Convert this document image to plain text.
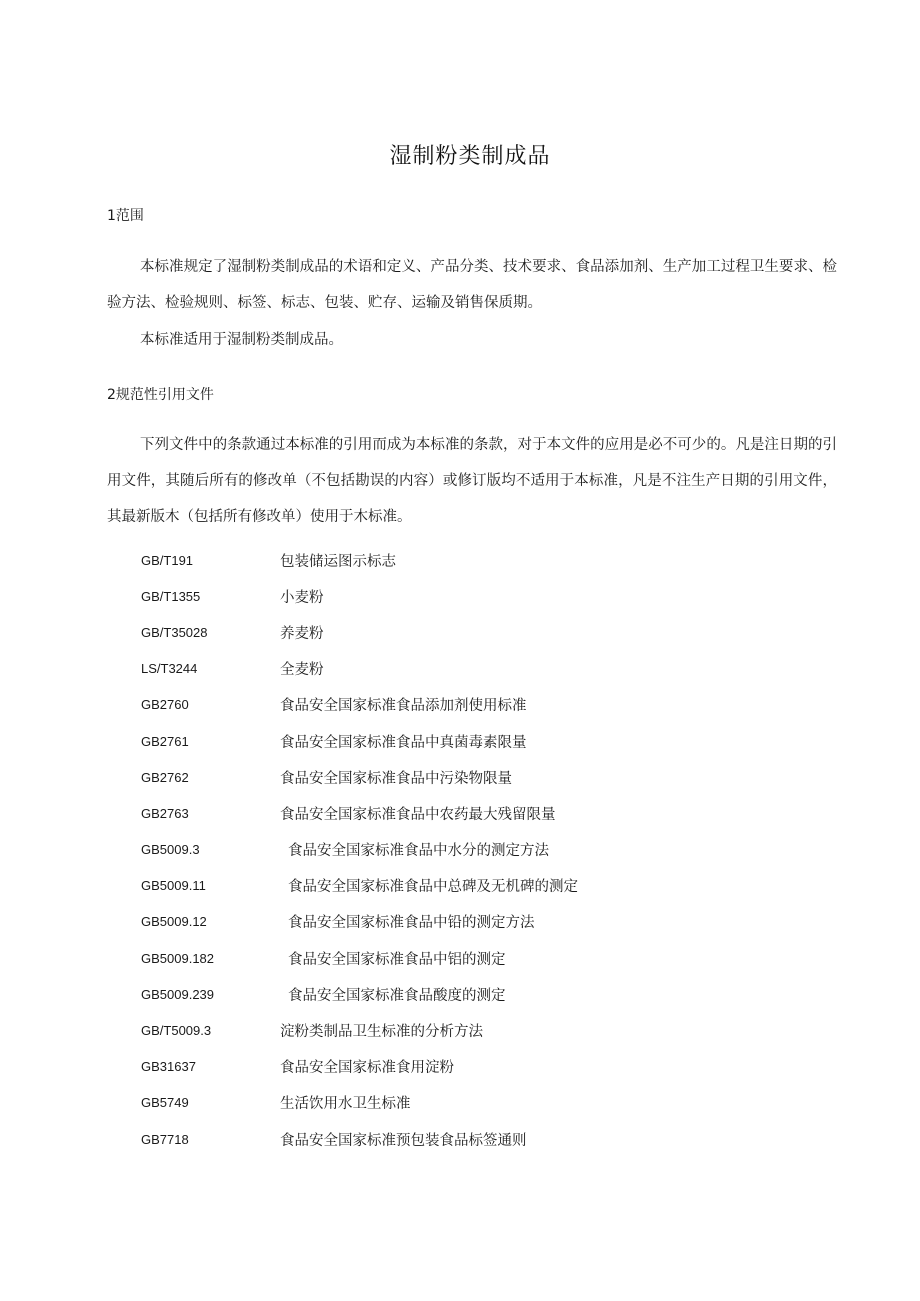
湿制粉类制成品
1范围
本标准规定了湿制粉类制成品的术语和定义、产品分类、技术要求、食品添加剂、生产加工过程卫生要求、检验方法、检验规则、标签、标志、包装、贮存、运输及销售保质期。
本标准适用于湿制粉类制成品。
2规范性引用文件
下列文件中的条款通过本标准的引用而成为本标准的条款，对于本文件的应用是必不可少的。凡是注日期的引用文件，其随后所有的修改单（不包括勘误的内容）或修订版均不适用于本标准，凡是不注生产日期的引用文件，其最新版木（包括所有修改单）使用于木标准。
GB/T191	包装储运图示标志
GB/T1355	小麦粉
GB/T35028	养麦粉
LS/T3244	全麦粉
GB2760	食品安全国家标准食品添加剂使用标准
GB2761	食品安全国家标准食品中真菌毒素限量
GB2762	食品安全国家标准食品中污染物限量
GB2763	食品安全国家标准食品中农药最大残留限量
GB5009.3	食品安全国家标准食品中水分的测定方法
GB5009.11	食品安全国家标准食品中总碑及无机碑的测定
GB5009.12	食品安全国家标准食品中铅的测定方法
GB5009.182	食品安全国家标准食品中铝的测定
GB5009.239	食品安全国家标准食品酸度的测定
GB/T5009.3	淀粉类制品卫生标准的分析方法
GB31637	食品安全国家标准食用淀粉
GB5749	生活饮用水卫生标准
GB7718	食品安全国家标准预包装食品标签通则
